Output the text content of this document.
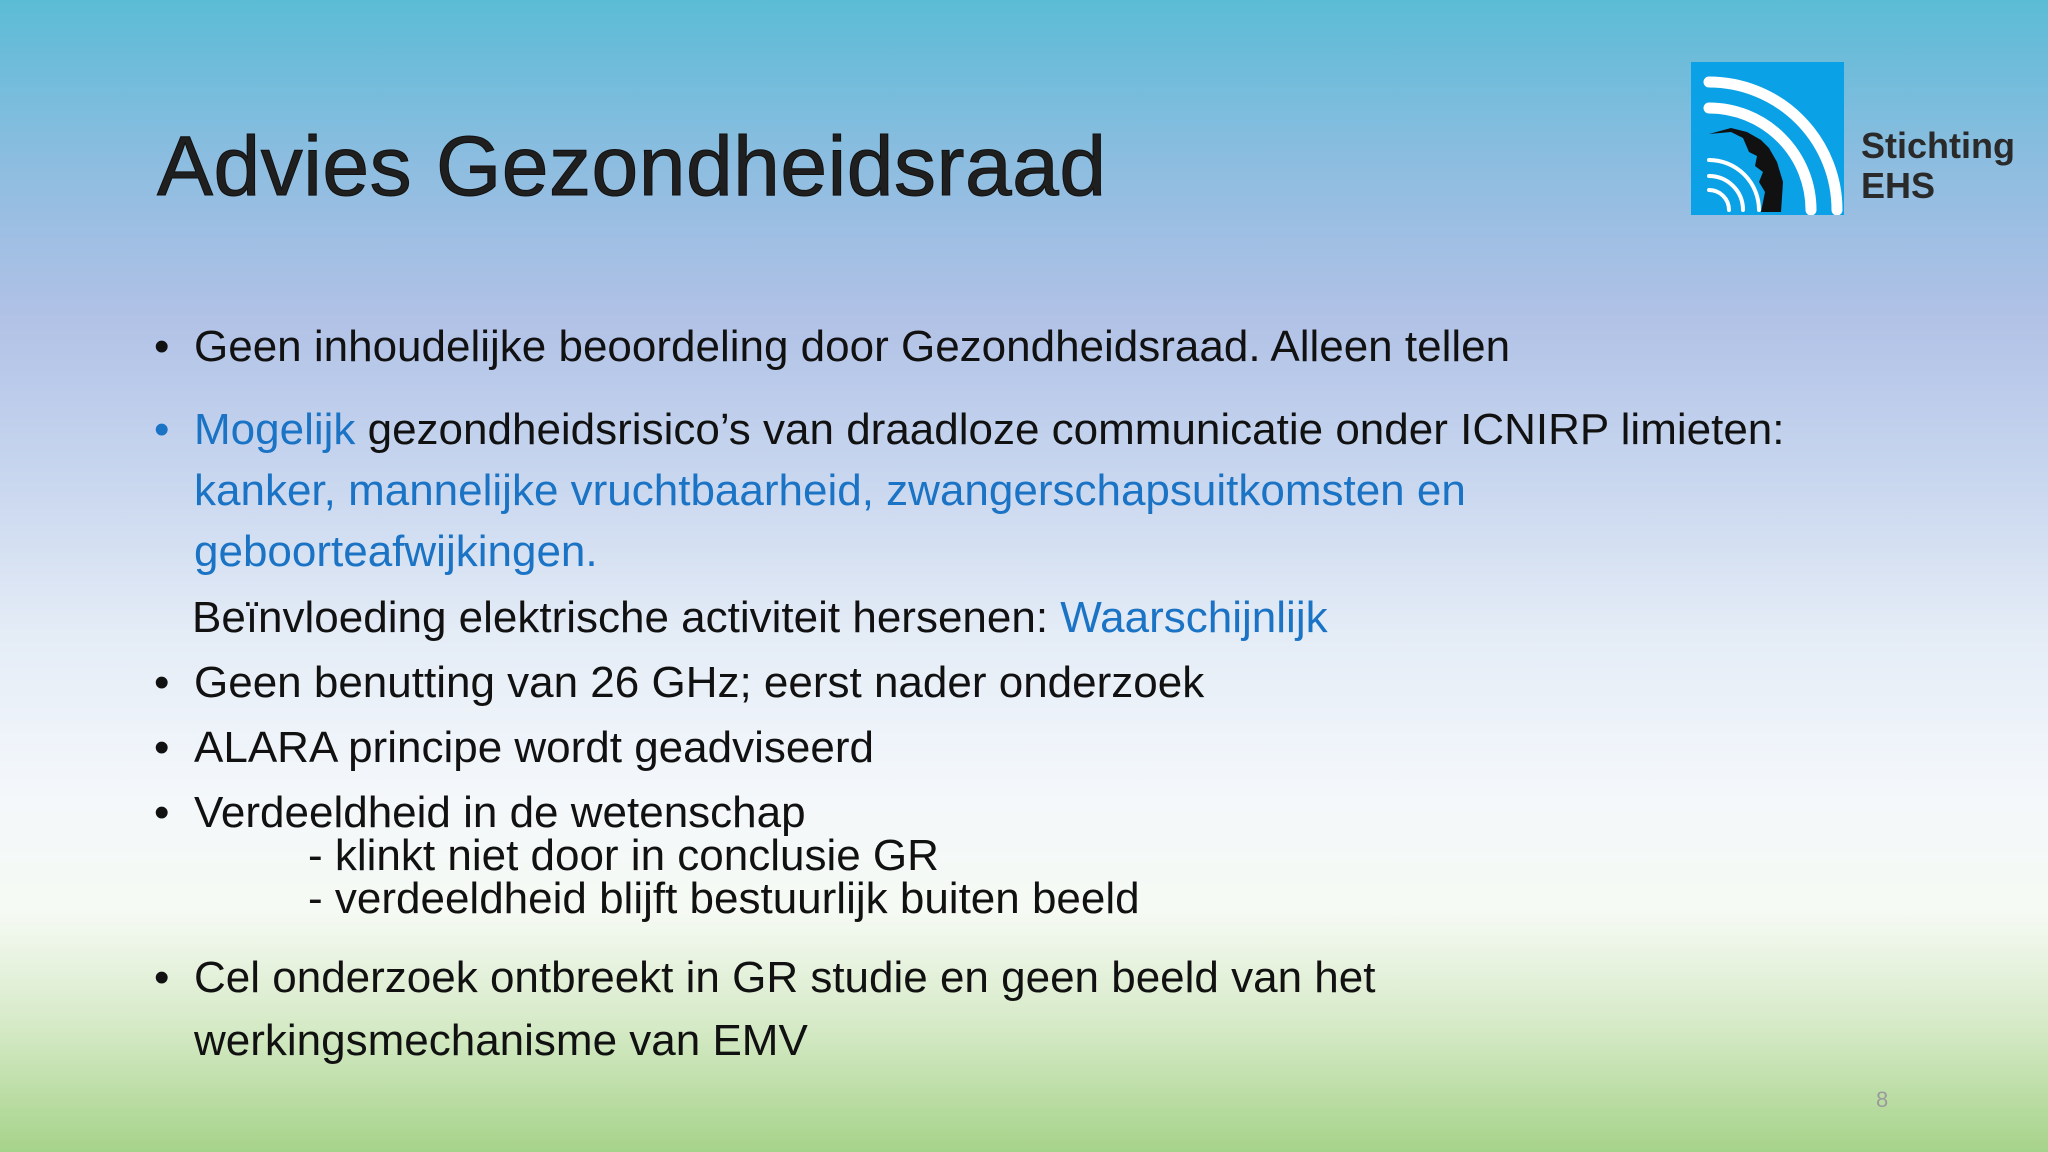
Advies Gezondheidsraad	Stichting
EHS
• Geen inhoudelijke beoordeling door Gezondheidsraad. Alleen tellen
• Mogelijk gezondheidsrisico’s van draadloze communicatie onder ICNIRP limieten:
kanker, mannelijke vruchtbaarheid, zwangerschapsuitkomsten en
geboorteafwijkingen.
Beïnvloeding elektrische activiteit hersenen: Waarschijnlijk
• Geen benutting van 26 GHz; eerst nader onderzoek
• ALARA principe wordt geadviseerd
• Verdeeldheid in de wetenschap
- klinkt niet door in conclusie GR
- verdeeldheid blijft bestuurlijk buiten beeld
• Cel onderzoek ontbreekt in GR studie en geen beeld van het
werkingsmechanisme van EMV
8
